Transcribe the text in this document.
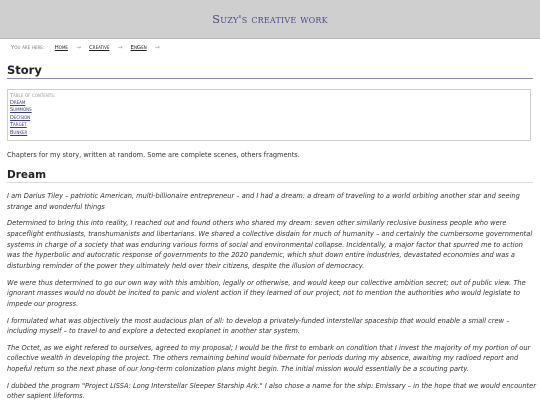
Suzy's creative work
You are here: Home → Creative → EnGen →
Story
Table of contents:
Dream
Summons
Decision
Target
Bunker

Chapters for my story, written at random. Some are complete scenes, others fragments.

Dream

I am Darius Tiley – patriotic American, multi-billionaire entrepreneur – and I had a dream: a dream of traveling to a world orbiting another star and seeing strange and wonderful things

Determined to bring this into reality, I reached out and found others who shared my dream: seven other similarly reclusive business people who were spaceflight enthusiasts, transhumanists and libertarians. We shared a collective disdain for much of humanity – and certainly the cumbersome governmental systems in charge of a society that was enduring various forms of social and environmental collapse. Incidentally, a major factor that spurred me to action was the hyperbolic and autocratic response of governments to the 2020 pandemic, which shut down entire industries, devastated economies and was a disturbing reminder of the power they ultimately held over their citizens, despite the illusion of democracy.

We were thus determined to go our own way with this ambition, legally or otherwise, and would keep our collective ambition secret; out of public view. The ignorant masses would no doubt be incited to panic and violent action if they learned of our project, not to mention the authorities who would legislate to impede our progress.

I formulated what was objectively the most audacious plan of all: to develop a privately-funded interstellar spaceship that would enable a small crew – including myself – to travel to and explore a detected exoplanet in another star system.

The Octet, as we eight refered to ourselves, agreed to my proposal; I would be the first to embark on condition that I invest the majority of my portion of our collective wealth in developing the project. The others remaining behind would hibernate for periods during my absence, awaiting my radioed report and hopeful return so the next phase of our long-term colonization plans might begin. The initial mission would essentially be a scouting party.

I dubbed the program "Project LISSA: Long Interstellar Sleeper Starship Ark." I also chose a name for the ship: Emissary – in the hope that we would encounter other sapient lifeforms.
